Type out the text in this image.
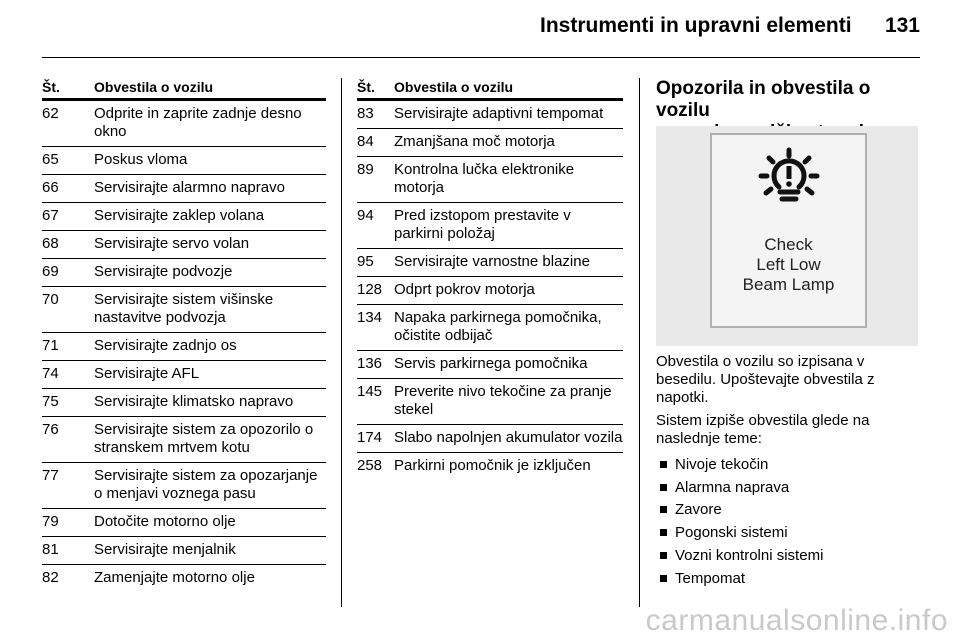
Instrumenti in upravni elementi	131
Št.	Obvestila o vozilu
62	Odprite in zaprite zadnje desno okno
65	Poskus vloma
66	Servisirajte alarmno napravo
67	Servisirajte zaklep volana
68	Servisirajte servo volan
69	Servisirajte podvozje
70	Servisirajte sistem višinske nastavitve podvozja
71	Servisirajte zadnjo os
74	Servisirajte AFL
75	Servisirajte klimatsko napravo
76	Servisirajte sistem za opozorilo o stranskem mrtvem kotu
77	Servisirajte sistem za opozarjanje o menjavi voznega pasu
79	Dotočite motorno olje
81	Servisirajte menjalnik
82	Zamenjajte motorno olje
Št.	Obvestila o vozilu
83	Servisirajte adaptivni tempomat
84	Zmanjšana moč motorja
89	Kontrolna lučka elektronike motorja
94	Pred izstopom prestavite v parkirni položaj
95	Servisirajte varnostne blazine
128 Odprt pokrov motorja
134 Napaka parkirnega pomočnika, očistite odbijač
136 Servis parkirnega pomočnika
145 Preverite nivo tekočine za pranje stekel
174 Slabo napolnjen akumulator vozila
258 Parkirni pomočnik je izključen
Opozorila in obvestila o vozilu

Check
Left Low
Beam Lamp

Obvestila o vozilu so izpisana v besedilu. Upoštevajte obvestila z napotki.

Sistem izpiše obvestila glede na naslednje teme:

Nivoje tekočin
Alarmna naprava
Zavore
Pogonski sistemi
Vozni kontrolni sistemi
Tempomat
carmanualsonline.info
